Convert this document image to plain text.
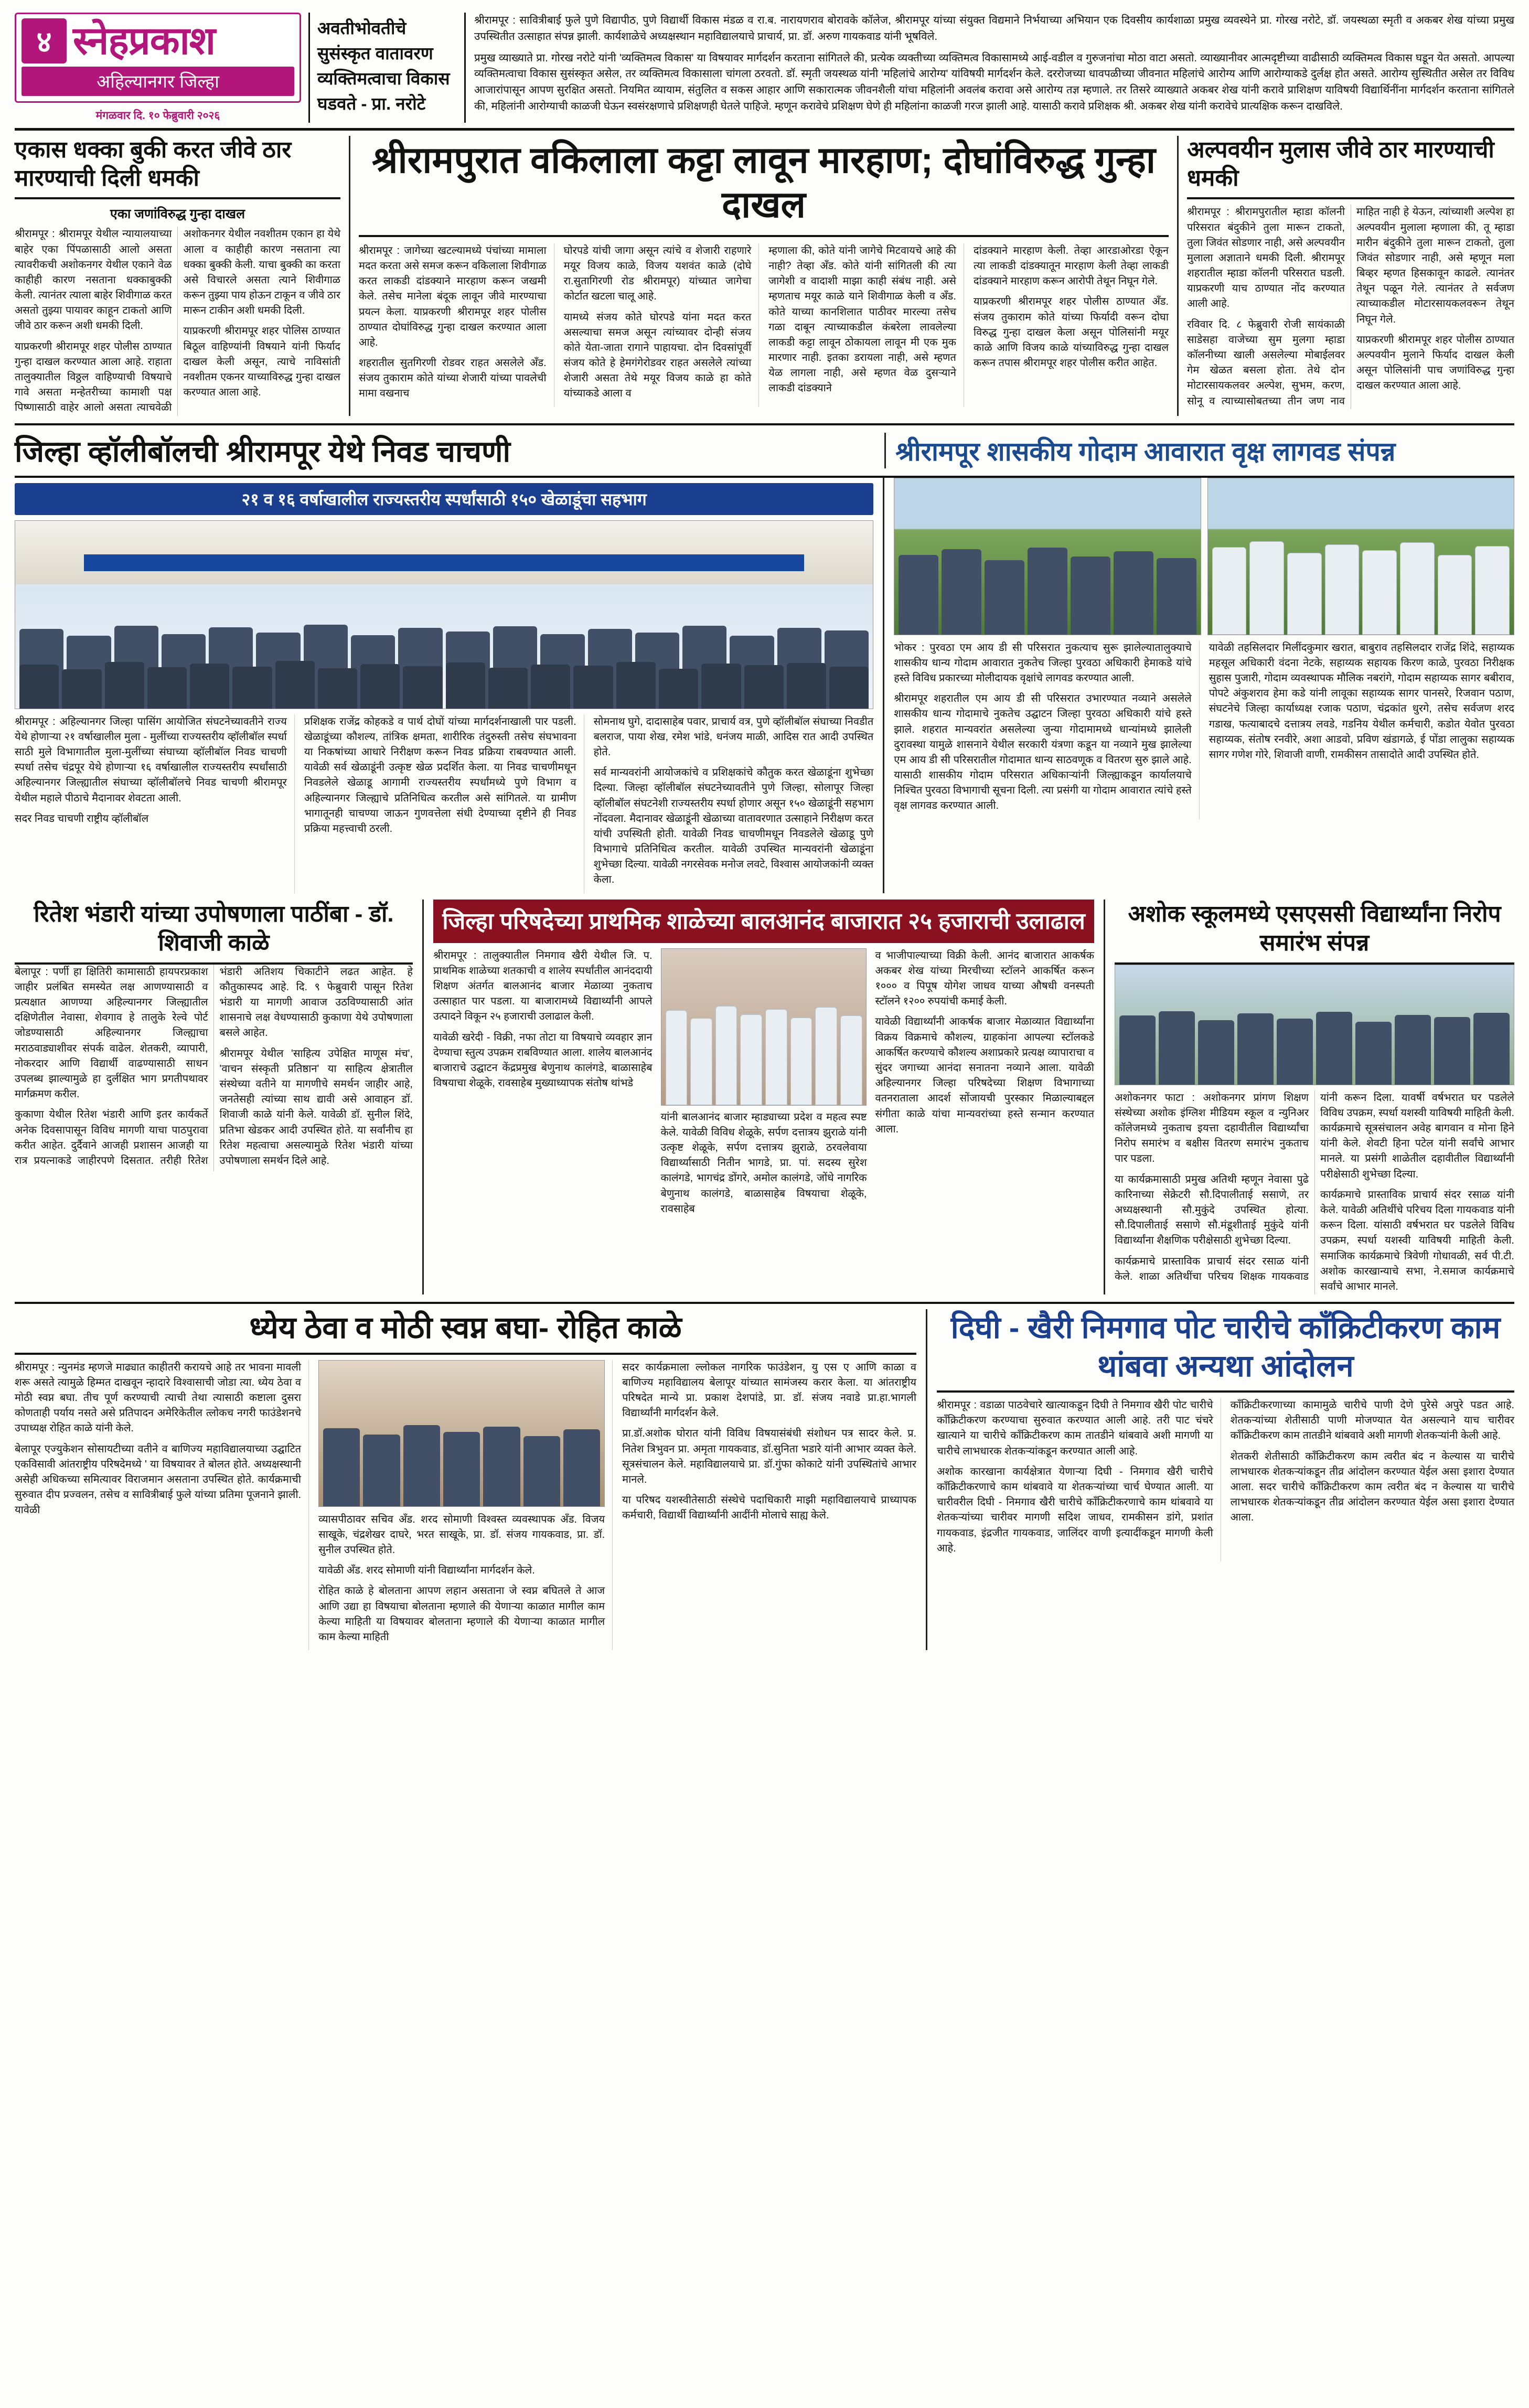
४ स्नेहप्रकाश
अहिल्यानगर जिल्हा
मंगळवार दि. १० फेब्रुवारी २०२६
अवतीभोवतीचे सुसंस्कृत वातावरण व्यक्तिमत्वाचा विकास घडवते - प्रा. नरोटे

श्रीरामपूर : सावित्रीबाई फुले पुणे विद्यापीठ, पुणे विद्यार्थी विकास मंडळ व रा.ब. नारायणराव बोरावके कॉलेज, श्रीरामपूर यांच्या संयुक्त विद्यमाने निर्भयाच्या अभियान एक दिवसीय कार्यशाळा प्रमुख व्यवस्थेने प्रा. गोरख नरोटे, डॉ. जयस्थळा स्मृती व अकबर शेख यांच्या प्रमुख उपस्थितीत उत्साहात संपन्न झाली. कार्यशाळेचे अध्यक्षस्थान महाविद्यालयाचे प्राचार्य, प्रा. डॉ. अरुण गायकवाड यांनी भूषविले.

प्रमुख व्याख्याते प्रा. गोरख नरोटे यांनी 'व्यक्तिमत्व विकास' या विषयावर मार्गदर्शन करताना सांगितले की, प्रत्येक व्यक्तीच्या व्यक्तिमत्व विकासामध्ये आई-वडील व गुरुजनांचा मोठा वाटा असतो. व्याख्यानीवर आत्मदृष्टीच्या वाढीसाठी व्यक्तिमत्व विकास घडून येत असतो. आपल्या व्यक्तिमत्वाचा विकास सुसंस्कृत असेल, तर व्यक्तिमत्व विकासाला चांगला ठरवतो. डॉ. स्मृती जयस्थळ यांनी 'महिलांचे आरोग्य' यांविषयी मार्गदर्शन केले. दररोजच्या धावपळीच्या जीवनात महिलांचे आरोग्य आणि आरोग्याकडे दुर्लक्ष होत असते. आरोग्य सुस्थितीत असेल तर विविध आजारांपासून आपण सुरक्षित असतो. नियमित व्यायाम, संतुलित व सकस आहार आणि सकारात्मक जीवनशैली यांचा महिलांनी अवलंब करावा असे आरोग्य तज्ञ म्हणाले. तर तिसरे व्याख्याते अकबर शेख यांनी करावे प्राशिक्षण याविषयी विद्यार्थिनींना मार्गदर्शन करताना सांगितले की, महिलांनी आरोग्याची काळजी घेऊन स्वसंरक्षणाचे प्रशिक्षणही घेतले पाहिजे. म्हणून करावेचे प्रशिक्षण घेणे ही महिलांना काळजी गरज झाली आहे. यासाठी करावे प्रशिक्षक श्री. अकबर शेख यांनी करावेचे प्रात्यक्षिक करून दाखविले.

एकास धक्का बुकी करत जीवे ठार मारण्याची दिली धमकी
एका जणांविरुद्ध गुन्हा दाखल

श्रीरामपूर : श्रीरामपूर येथील न्यायालयाच्या बाहेर एका पिंपळासाठी आलो असता त्यावरीकची अशोकनगर येथील एकाने वेळ काहीही कारण नसताना धक्काबुक्की केली. त्यानंतर त्याला बाहेर शिवीगाळ करत असतो तुझ्या पायावर काहून टाकतो आणि जीवे ठार करून अशी धमकी दिली.

याप्रकरणी श्रीरामपूर शहर पोलीस ठाण्यात गुन्हा दाखल करण्यात आला आहे. राहाता तालुक्यातील विठ्ठल वाहिण्याची विषयाचे गावे असता मन्हेतरीच्या कामाशी पक्ष पिष्णासाठी वाहेर आलो असता त्याचवेळी अशोकनगर येथील नवशीतम एकान हा येथे आला व काहीही कारण नसताना त्या धक्का बुक्की केली. याचा बुक्की का करता असे विचारले असता त्याने शिवीगाळ करून तुझ्या पाय होऊन टाकून व जीवे ठार मारून टाकीन अशी धमकी दिली.

याप्रकरणी श्रीरामपूर शहर पोलिस ठाण्यात बिठूल वाहिण्यांनी विषयाने यांनी फिर्याद दाखल केली असून, त्याचे नाविसांती नवशीतम एकनर याच्याविरुद्ध गुन्हा दाखल करण्यात आला आहे.

श्रीरामपुरात वकिलाला कट्टा लावून मारहाण; दोघांविरुद्ध गुन्हा दाखल

श्रीरामपूर : जागेच्या खटल्यामध्ये पंचांच्या मामाला मदत करता असे समज करून वकिलाला शिवीगाळ करत लाकडी दांडक्याने मारहाण करून जखमी केले. तसेच मानेला बंदूक लावून जीवे मारण्याचा प्रयत्न केला. याप्रकरणी श्रीरामपूर शहर पोलीस ठाण्यात दोघांविरुद्ध गुन्हा दाखल करण्यात आला आहे.

शहरातील सुतगिरणी रोडवर राहत असलेले अँड. संजय तुकाराम कोते यांच्या शेजारी यांच्या पावलेची मामा वखनाच

घोरपडे यांची जागा असून त्यांचे व शेजारी राहणारे मयूर विजय काळे, विजय यशवंत काळे (दोघे रा.सुतागिरणी रोड श्रीरामपूर) यांच्यात जागेचा कोर्टात खटला चालू आहे.

यामध्ये संजय कोते घोरपडे यांना मदत करत असल्याचा समज असून त्यांच्यावर दोन्ही संजय कोते येता-जाता रागाने पाहायचा. दोन दिवसांपूर्वी संजय कोते हे हेमगंगेरोडवर राहत असलेले त्यांच्या शेजारी असता तेथे मयूर विजय काळे हा कोते यांच्याकडे आला व

म्हणाला की, कोते यांनी जागेचे मिटवायचे आहे की नाही? तेव्हा अँड. कोते यांनी सांगितली की त्या जागेशी व वादाशी माझा काही संबंध नाही. असे म्हणताच मयूर काळे याने शिवीगाळ केली व अँड. कोते याच्या कानशिलात पाठीवर मारल्या तसेच गळा दाबून त्याच्याकडील कंबरेला लावलेल्या लाकडी कट्टा लावून ठोकायला लावून मी एक मुक मारणार नाही. इतका डरायला नाही, असे म्हणत येळ लागला नाही, असे म्हणत वेळ दुसऱ्याने लाकडी दांडक्याने

दांडक्याने मारहाण केली. तेव्हा आरडाओरडा ऐकून त्या लाकडी दांडक्यातून मारहाण केली तेव्हा लाकडी दांडक्याने मारहाण करून आरोपी तेथून निघून गेले.

याप्रकरणी श्रीरामपूर शहर पोलीस ठाण्यात अँड. संजय तुकाराम कोते यांच्या फिर्यादी वरून दोघा विरुद्ध गुन्हा दाखल केला असून पोलिसांनी मयूर काळे आणि विजय काळे यांच्याविरुद्ध गुन्हा दाखल करून तपास श्रीरामपूर शहर पोलीस करीत आहेत.

अल्पवयीन मुलास जीवे ठार मारण्याची धमकी

श्रीरामपूर : श्रीरामपुरातील म्हाडा कॉलनी परिसरात बंदुकीने तुला मारून टाकतो, तुला जिवंत सोडणार नाही, असे अल्पवयीन मुलाला अज्ञाताने धमकी दिली. श्रीरामपूर शहरातील म्हाडा कॉलनी परिसरात घडली. याप्रकरणी याच ठाण्यात नोंद करण्यात आली आहे.

रविवार दि. ८ फेब्रुवारी रोजी सायंकाळी साडेसहा वाजेच्या सुम मुलगा म्हाडा कॉलनीच्या खाली असलेल्या मोबाईलवर गेम खेळत बसला होता. तेथे दोन मोटारसायकलवर अल्पेश, सुभम, करण, सोनू व त्याच्यासोबतच्या तीन जण नाव माहित नाही हे येऊन, त्यांच्याशी अल्पेश हा अल्पवयीन मुलाला म्हणाला की, तू म्हाडा मारीन बंदुकीने तुला मारून टाकतो, तुला जिवंत सोडणार नाही, असे म्हणून मला बिव्हर म्हणत हिसकावून काढले. त्यानंतर तेथून पळून गेले. त्यानंतर ते सर्वजण त्याच्याकडील मोटारसायकलवरून तेथून निघून गेले.

याप्रकरणी श्रीरामपूर शहर पोलीस ठाण्यात अल्पवयीन मुलाने फिर्याद दाखल केली असून पोलिसांनी पाच जणांविरुद्ध गुन्हा दाखल करण्यात आला आहे.

जिल्हा व्हॉलीबॉलची श्रीरामपूर येथे निवड चाचणी	श्रीरामपूर शासकीय गोदाम आवारात वृक्ष लागवड संपन्न
२१ व १६ वर्षाखालील राज्यस्तरीय स्पर्धांसाठी १५० खेळाडूंचा सहभाग

श्रीरामपूर : अहिल्यानगर जिल्हा पासिंग आयोजित संघटनेच्यावतीने राज्य येथे होणाऱ्या २१ वर्षाखालील मुला - मुलींच्या राज्यस्तरीय व्हॉलीबॉल स्पर्धा साठी मुले विभागातील मुला-मुलींच्या संघाच्या व्हॉलीबॉल निवड चाचणी स्पर्धा तसेच चंद्रपूर येथे होणाऱ्या १६ वर्षाखालील राज्यस्तरीय स्पर्धांसाठी अहिल्यानगर जिल्ह्यातील संघाच्या व्हॉलीबॉलचे निवड चाचणी श्रीरामपूर येथील महाले पीठाचे मैदानावर शेवटता आली.

सदर निवड चाचणी राष्ट्रीय व्हॉलीबॉल

प्रशिक्षक राजेंद्र कोहकडे व पार्थ दोघों यांच्या मार्गदर्शनाखाली पार पडली. खेळाडूंच्या कौशल्य, तांत्रिक क्षमता, शारीरिक तंदुरुस्ती तसेच संघभावना या निकषांच्या आधारे निरीक्षण करून निवड प्रक्रिया राबवण्यात आली. यावेळी सर्व खेळाडूंनी उत्कृष्ट खेळ प्रदर्शित केला. या निवड चाचणीमधून निवडलेले खेळाडू आगामी राज्यस्तरीय स्पर्धांमध्ये पुणे विभाग व अहिल्यानगर जिल्ह्याचे प्रतिनिधित्व करतील असे सांगितले. या ग्रामीण भागातूनही चाचण्या जाऊन गुणवत्तेला संधी देण्याच्या दृष्टीने ही निवड प्रक्रिया महत्त्वाची ठरली.

सोमनाथ घुगे, दादासाहेब पवार, प्राचार्य वत्र, पुणे व्हॉलीबॉल संघाच्या निवडीत बलराज, पाया शेख, रमेश भांडे, धनंजय माळी, आदिस रात आदी उपस्थित होते.

सर्व मान्यवरांनी आयोजकांचे व प्रशिक्षकांचे कौतुक करत खेळाडूंना शुभेच्छा दिल्या. जिल्हा व्हॉलीबॉल संघटनेच्यावतीने पुणे जिल्हा, सोलापूर जिल्हा व्हॉलीबॉल संघटनेशी राज्यस्तरीय स्पर्धा होणार असून १५० खेळाडूंनी सहभाग नोंदवला. मैदानावर खेळाडूंनी खेळाच्या वातावरणात उत्साहाने निरीक्षण करत यांची उपस्थिती होती. यावेळी निवड चाचणीमधून निवडलेले खेळाडू पुणे विभागाचे प्रतिनिधित्व करतील. यावेळी उपस्थित मान्यवरांनी खेळाडूंना शुभेच्छा दिल्या. यावेळी नगरसेवक मनोज लवटे, विश्वास आयोजकांनी व्यक्त केला.

भोकर : पुरवठा एम आय डी सी परिसरात नुकत्याच सुरू झालेल्यातालुक्याचे शासकीय धान्य गोदाम आवारात नुकतेच जिल्हा पुरवठा अधिकारी हेमाकडे यांचे हस्ते विविध प्रकारच्या मोलीदायक वृक्षांचे लागवड करण्यात आली.

श्रीरामपूर शहरातील एम आय डी सी परिसरात उभारण्यात नव्याने असलेले शासकीय धान्य गोदामाचे नुकतेच उद्घाटन जिल्हा पुरवठा अधिकारी यांचे हस्ते झाले. शहरात मान्यवरांत असलेल्या जुन्या गोदामामध्ये धान्यांमध्ये झालेली दुरावस्था यामुळे शासनाने येथील सरकारी यंत्रणा कडून या नव्याने मुख झालेल्या एम आय डी सी परिसरातील गोदामात धान्य साठवणूक व वितरण सुरु झाले आहे. यासाठी शासकीय गोदाम परिसरात अधिकाऱ्यांनी जिल्ह्याकडून कार्यालयाचे निश्चित पुरवठा विभागाची सूचना दिली. त्या प्रसंगी या गोदाम आवारात त्यांचे हस्ते वृक्ष लागवड करण्यात आली.

यावेळी तहसिलदार मिलींदकुमार खरात, बाबुराव तहसिलदार राजेंद्र शिंदे, सहाय्यक महसूल अधिकारी वंदना नेटके, सहाय्यक सहायक किरण काळे, पुरवठा निरीक्षक सुहास पुजारी, गोदाम व्यवस्थापक मौलिक नबरांगे, गोदाम सहाय्यक सागर बबीराव, पोपटे अंकुशराव हेमा कडे यांनी लावूका सहाय्यक सागर पानसरे, रिजवान पठाण, संघटनेचे जिल्हा कार्याध्यक्ष रजाक पठाण, चंद्रकांत धुरगे, तसेच सर्वजण शरद गडाख, फत्याबादचे दत्तात्रय लवडे, गडनिय येथील कर्मचारी, कडोत येवोत पुरवठा सहाय्यक, संतोष रनवीरे, अशा आडवो, प्रविण खंडागळे, ई पोंडा लालुका सहाय्यक सागर गणेश गोरे, शिवाजी वाणी, रामकीसन तासादोते आदी उपस्थित होते.

रितेश भंडारी यांच्या उपोषणाला पाठींबा - डॉ. शिवाजी काळे

बेलापूर : पर्णी हा क्षितिरी कामासाठी हायपरप्रकाश जाहीर प्रलंबित समस्येत लक्ष आणण्यासाठी व प्रत्यक्षात आणण्या अहिल्यानगर जिल्ह्यातील दक्षिणेतील नेवासा, शेवगाव हे तालुके रेल्वे पोर्ट जोडण्यासाठी अहिल्यानगर जिल्ह्याचा मराठवाड्याशीवर संपर्क वाढेल. शेतकरी, व्यापारी, नोकरदार आणि विद्यार्थी वाढण्यासाठी साधन उपलब्ध झाल्यामुळे हा दुर्लक्षित भाग प्रगतीपथावर मार्गक्रमण करील.

कुकाणा येथील रितेश भंडारी आणि इतर कार्यकर्ते अनेक दिवसापासून विविध मागणी याचा पाठपुरावा करीत आहेत. दुर्दैवाने आजही प्रशासन आजही या रात्र प्रयत्नाकडे जाहीरपणे दिसतात. तरीही रितेश भंडारी अतिशय चिकाटीने लढत आहेत. हे कौतुकास्पद आहे. दि. ९ फेब्रुवारी पासून रितेश भंडारी या मागणी आवाज उठविण्यासाठी आंत शासनाचे लक्ष वेधण्यासाठी कुकाणा येथे उपोषणाला बसले आहेत.

श्रीरामपूर येथील 'साहित्य उपेक्षित माणूस मंच', 'वाचन संस्कृती प्रतिष्ठान' या साहित्य क्षेत्रातील संस्थेच्या वतीने या मागणीचे समर्थन जाहीर आहे, जनतेसही त्यांच्या साथ द्यावी असे आवाहन डॉ. शिवाजी काळे यांनी केले. यावेळी डॉ. सुनील शिंदे, प्रतिभा खेडकर आदी उपस्थित होते. या सर्वांनीच हा रितेश महत्वाचा असल्यामुळे रितेश भंडारी यांच्या उपोषणाला समर्थन दिले आहे.

जिल्हा परिषदेच्या प्राथमिक शाळेच्या बालआनंद बाजारात २५ हजाराची उलाढाल

श्रीरामपूर : तालुक्यातील निमगाव खैरी येथील जि. प. प्राथमिक शाळेच्या शतकाची व शालेय स्पर्धांतील आनंददायी शिक्षण अंतर्गत बालआनंद बाजार मेळाव्या नुकताच उत्साहात पार पडला. या बाजारामध्ये विद्यार्थ्यांनी आपले उत्पादने विकून २५ हजाराची उलाढाल केली.

यावेळी खरेदी - विक्री, नफा तोटा या विषयाचे व्यवहार ज्ञान देण्याचा स्तुत्य उपक्रम राबविण्यात आला. शालेय बालआनंद बाजाराचे उद्घाटन केंद्रप्रमुख बेणुनाथ कालंगडे, बाळासाहेब विषयाचा शेळूके, रावसाहेब मुख्याध्यापक संतोष थांभडे

यांनी बालआनंद बाजार म्हाड्याच्या प्रदेश व महत्व स्पष्ट केले. यावेळी विविध शेळूके, सर्पण दत्तात्रय झुराळे यांनी उत्कृष्ट शेळूके, सर्पण दत्तात्रय झुराळे, ठरवलेवाया विद्यार्थ्यासाठी नितीन भागडे, प्रा. पां. सदस्य सुरेश कालंगडे, भागचंद्र डोंगरे, अमोल कालंगडे, जोंधे नागरिक बेणुनाथ कालंगडे, बाळासाहेब विषयाचा शेळूके, रावसाहेब

व भाजीपाल्याच्या विक्री केली. आनंद बाजारात आकर्षक अकबर शेख यांच्या मिरचीच्या स्टॉलने आकर्षित करून १००० व पिपूष योगेश जाधव याच्या औषधी वनस्पती स्टॉलने १२०० रुपयांची कमाई केली.

यावेळी विद्यार्थ्यांनी आकर्षक बाजार मेळाव्यात विद्यार्थ्यांना विक्रय विक्रमाचे कौशल्य, ग्राहकांना आपल्या स्टॉलकडे आकर्षित करण्याचे कौशल्य अशाप्रकारे प्रत्यक्ष व्यापाराचा व सुंदर जगाच्या आनंदा सनातना नव्याने आला. यावेळी अहिल्यानगर जिल्हा परिषदेच्या शिक्षण विभागाच्या वतनराताला आदर्श सोंजायची पुरस्कार मिळाल्याबद्दल संगीता काळे यांचा मान्यवरांच्या हस्ते सन्मान करण्यात आला.

अशोक स्कूलमध्ये एसएससी विद्यार्थ्यांना निरोप समारंभ संपन्न

अशोकनगर फाटा : अशोकनगर प्रांगण शिक्षण संस्थेच्या अशोक इंग्लिश मीडियम स्कूल व न्युनिअर कॉलेजमध्ये नुकताच इयत्ता दहावीतील विद्यार्थ्यांचा निरोप समारंभ व बक्षीस वितरण समारंभ नुकताच पार पडला.

या कार्यक्रमासाठी प्रमुख अतिथी म्हणून नेवासा पुढे कारिनाच्या सेक्रेटरी सौ.दिपालीताई ससाणे, तर अध्यक्षस्थानी सौ.मुकुंदे उपस्थित होत्या. सौ.दिपालीताई ससाणे सौ.मंडूशीताई मुकुंदे यांनी विद्यार्थ्यांना शैक्षणिक परीक्षेसाठी शुभेच्छा दिल्या.

कार्यक्रमाचे प्रास्ताविक प्राचार्य संदर रसाळ यांनी केले. शाळा अतिथींचा परिचय शिक्षक गायकवाड यांनी करून दिला. यावर्षी वर्षभरात घर पडलेले विविध उपक्रम, स्पर्धा यशस्वी याविषयी माहिती केली. कार्यक्रमाचे सूत्रसंचालन अवेह बागवान व मोना हिने यांनी केले. शेवटी हिना पटेल यांनी सर्वांचे आभार मानले. या प्रसंगी शाळेतील दहावीतील विद्यार्थ्यांनी परीक्षेसाठी शुभेच्छा दिल्या.

कार्यक्रमाचे प्रास्ताविक प्राचार्य संदर रसाळ यांनी केले. यावेळी अतिथींचे परिचय दिला गायकवाड यांनी करून दिला. यांसाठी वर्षभरात घर पडलेले विविध उपक्रम, स्पर्धा यशस्वी याविषयी माहिती केली. समाजिक कार्यक्रमाचे त्रिवेणी गोधावळी, सर्व पी.टी. अशोक कारखान्याचे सभा, ने.समाज कार्यक्रमाचे सर्वांचे आभार मानले.

ध्येय ठेवा व मोठी स्वप्न बघा- रोहित काळे

श्रीरामपूर : न्युनमंड म्हणजे माढ्यात काहीतरी करायचे आहे तर भावना मावली शरू असते त्यामुळे हिम्मत दाखवून न्हादारे विश्वासाची जोडा त्या. ध्येय ठेवा व मोठी स्वप्न बघा. तीच पूर्ण करण्याची त्याची तेथा त्यासाठी कष्टाला दुसरा कोणताही पर्याय नसते असे प्रतिपादन अमेरिकेतील त्लोकच नगरी फाउंडेशनचे उपाध्यक्ष रोहित काळे यांनी केले.

बेलापूर एज्युकेशन सोसायटीच्या वतीने व बाणिज्य महाविद्यालयाच्या उद्घाटित एकविसावी आंतराष्ट्रीय परिषदेमध्ये ' या विषयावर ते बोलत होते. अध्यक्षस्थानी असेही अधिकच्या समित्यावर विराजमान असताना उपस्थित होते. कार्यक्रमाची सुरुवात दीप प्रज्वलन, तसेच व सावित्रीबाई फुले यांच्या प्रतिमा पूजनाने झाली. यावेळी

व्यासपीठावर सचिव अँड. शरद सोमाणी विश्वस्त व्यवस्थापक अँड. विजय साखूके, चंद्रशेखर दाघरे, भरत साखूके, प्रा. डॉ. संजय गायकवाड, प्रा. डॉ. सुनील उपस्थित होते.

यावेळी अँड. शरद सोमाणी यांनी विद्यार्थ्यांना मार्गदर्शन केले.

रोहित काळे हे बोलताना आपण लहान असताना जे स्वप्न बघितले ते आज आणि उद्या हा विषयाचा बोलताना म्हणाले की येणाऱ्या काळात मागील काम केल्या माहिती या विषयावर बोलताना म्हणाले की येणाऱ्या काळात मागील काम केल्या माहिती

सदर कार्यक्रमाला ल्लोकल नागरिक फाउंडेशन, यु एस ए आणि काळा व बाणिज्य महाविद्यालय बेलापूर यांच्यात सामंजस्य करार केला. या आंतराष्ट्रीय परिषदेत मान्ये प्रा. प्रकाश देशपांडे, प्रा. डॉ. संजय नवाडे प्रा.हा.भागली विद्यार्थ्यांनी मार्गदर्शन केले.

प्रा.डॉ.अशोक घोरात यांनी विविध विषयासंबंधी संशोधन पत्र सादर केले. प्र. नितेश त्रिभुवन प्रा. अमृता गायकवाड, डॉ.सुनिता भडारे यांनी आभार व्यक्त केले. सूत्रसंचालन केले. महाविद्यालयाचे प्रा. डॉ.गुंफा कोकाटे यांनी उपस्थितांचे आभार मानले.

या परिषद यशस्वीतेसाठी संस्थेचे पदाधिकारी माझी महाविद्यालयाचे प्राध्यापक कर्मचारी, विद्यार्थी विद्यार्थ्यांनी आदींनी मोलाचे साह्य केले.

दिघी - खैरी निमगाव पोट चारीचे काँक्रिटीकरण काम थांबवा अन्यथा आंदोलन

श्रीरामपूर : वडाळा पाठवेचारे खात्याकडून दिघी ते निमगाव खैरी पोट चारीचे काँक्रिटीकरण करण्याचा सुरुवात करण्यात आली आहे. तरी पाट चंचरे खात्याने या चारीचे काँक्रिटीकरण काम तातडीने थांबवावे अशी मागणी या चारीचे लाभधारक शेतकऱ्यांकडून करण्यात आली आहे.

अशोक कारखाना कार्यक्षेत्रात येणाऱ्या दिघी - निमगाव खैरी चारीचे काँक्रिटीकरणाचे काम थांबवावे या शेतकऱ्यांच्या चार्च घेण्यात आली. या चारीवरील दिघी - निमगाव खैरी चारीचे काँक्रिटीकरणाचे काम थांबवावे या शेतकऱ्यांच्या चारीवर मागणी सदिश जाधव, रामकीसन डांगे, प्रशांत गायकवाड, इंद्रजीत गायकवाड, जालिंदर वाणी इत्यादींकडून मागणी केली आहे.

काँक्रिटीकरणाच्या कामामुळे चारीचे पाणी देणे पुरेसे अपुरे पडत आहे. शेतकऱ्यांच्या शेतीसाठी पाणी मोजण्यात येत असल्याने याच चारीवर काँक्रिटीकरण काम तातडीने थांबवावे अशी मागणी शेतकऱ्यांनी केली आहे.

शेतकरी शेतीसाठी काँक्रिटीकरण काम त्वरीत बंद न केल्यास या चारीचे लाभधारक शेतकऱ्यांकडून तीव्र आंदोलन करण्यात येईल असा इशारा देण्यात आला. सदर चारीचे काँक्रिटीकरण काम त्वरीत बंद न केल्यास या चारीचे लाभधारक शेतकऱ्यांकडून तीव्र आंदोलन करण्यात येईल असा इशारा देण्यात आला.
